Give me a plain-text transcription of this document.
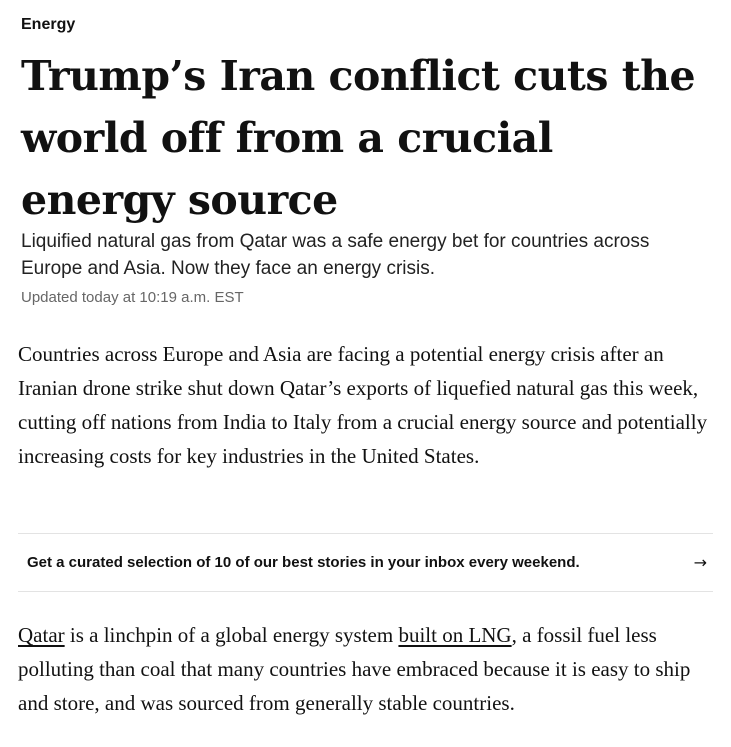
Energy
Trump’s Iran conflict cuts the world off from a crucial energy source

Liquified natural gas from Qatar was a safe energy bet for countries across Europe and Asia. Now they face an energy crisis.

Updated today at 10:19 a.m. EST

Countries across Europe and Asia are facing a potential energy crisis after an Iranian drone strike shut down Qatar’s exports of liquefied natural gas this week, cutting off nations from India to Italy from a crucial energy source and potentially increasing costs for key industries in the United States.

Get a curated selection of 10 of our best stories in your inbox every weekend.	→

Qatar is a linchpin of a global energy system built on LNG, a fossil fuel less polluting than coal that many countries have embraced because it is easy to ship and store, and was sourced from generally stable countries.
